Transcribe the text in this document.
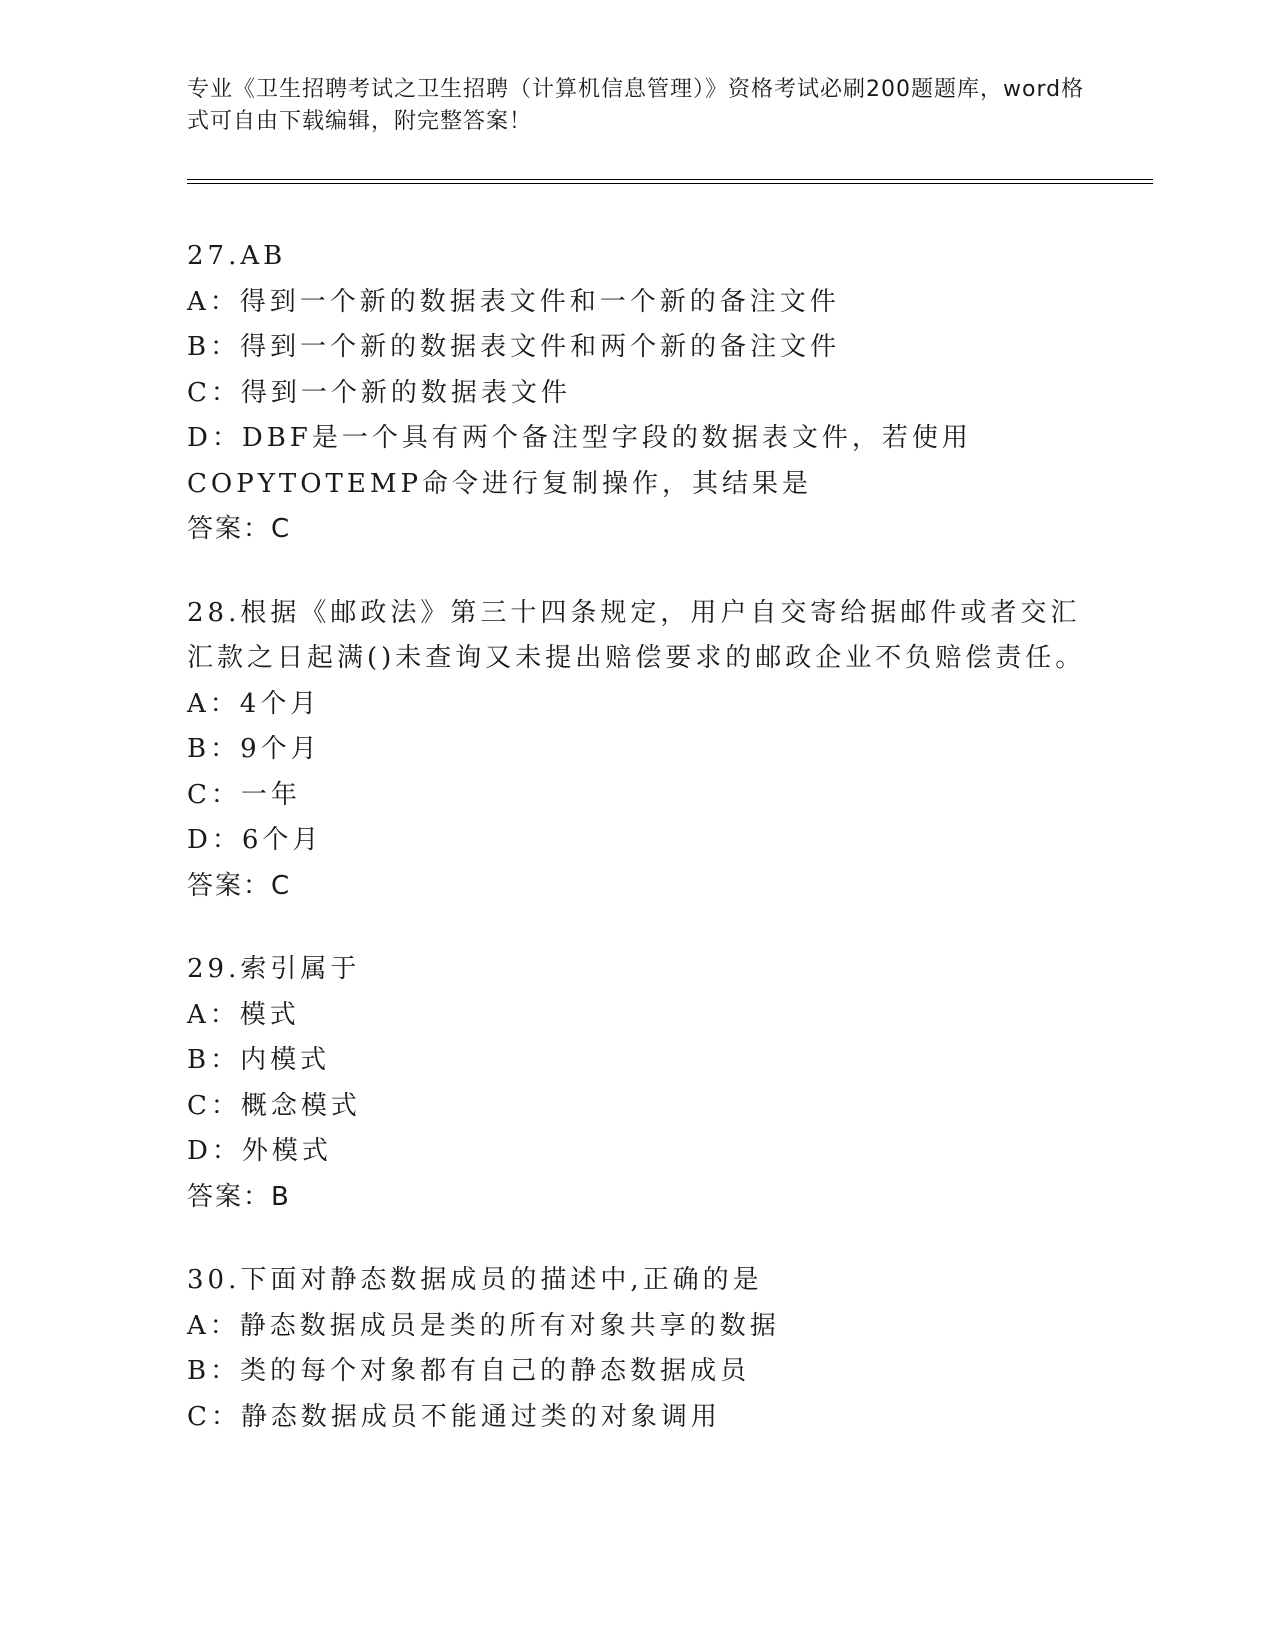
专业《卫生招聘考试之卫生招聘（计算机信息管理）》资格考试必刷200题题库，word格式可自由下载编辑，附完整答案！
27.AB
A：得到一个新的数据表文件和一个新的备注文件
B：得到一个新的数据表文件和两个新的备注文件
C：得到一个新的数据表文件
D：DBF是一个具有两个备注型字段的数据表文件，若使用COPYTOTEMP命令进行复制操作，其结果是
答案：C
28.根据《邮政法》第三十四条规定，用户自交寄给据邮件或者交汇汇款之日起满()未查询又未提出赔偿要求的邮政企业不负赔偿责任。
A：4个月
B：9个月
C：一年
D：6个月
答案：C
29.索引属于
A：模式
B：内模式
C：概念模式
D：外模式
答案：B
30.下面对静态数据成员的描述中,正确的是
A：静态数据成员是类的所有对象共享的数据
B：类的每个对象都有自己的静态数据成员
C：静态数据成员不能通过类的对象调用
